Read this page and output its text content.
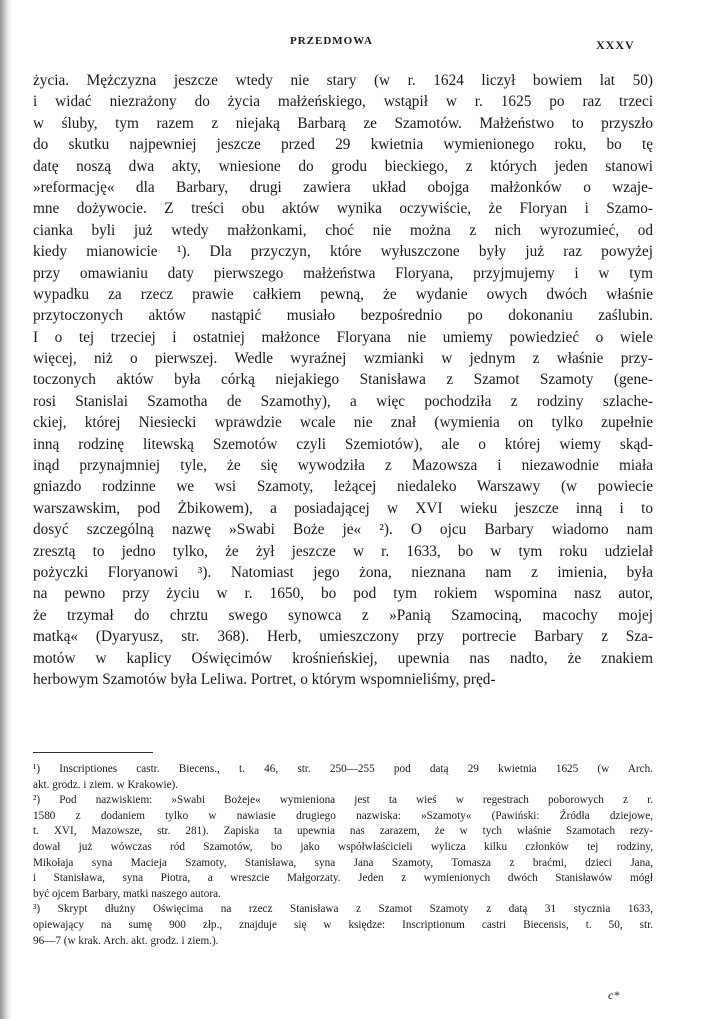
PRZEDMOWA	XXXV
życia. Mężczyzna jeszcze wtedy nie stary (w r. 1624 liczył bowiem lat 50)
i widać niezrażony do życia małżeńskiego, wstąpił w r. 1625 po raz trzeci
w śluby, tym razem z niejaką Barbarą ze Szamotów. Małżeństwo to przyszło
do skutku najpewniej jeszcze przed 29 kwietnia wymienionego roku, bo tę
datę noszą dwa akty, wniesione do grodu bieckiego, z których jeden stanowi
»reformację« dla Barbary, drugi zawiera układ obojga małżonków o wzaje-
mne dożywocie. Z treści obu aktów wynika oczywiście, że Floryan i Szamo-
cianka byli już wtedy małżonkami, choć nie można z nich wyrozumieć, od
kiedy mianowicie ¹). Dla przyczyn, które wyłuszczone były już raz powyżej
przy omawianiu daty pierwszego małżeństwa Floryana, przyjmujemy i w tym
wypadku za rzecz prawie całkiem pewną, że wydanie owych dwóch właśnie
przytoczonych aktów nastąpić musiało bezpośrednio po dokonaniu zaślubin.
I o tej trzeciej i ostatniej małżonce Floryana nie umiemy powiedzieć o wiele
więcej, niż o pierwszej. Wedle wyraźnej wzmianki w jednym z właśnie przy-
toczonych aktów była córką niejakiego Stanisława z Szamot Szamoty (gene-
rosi Stanislai Szamotha de Szamothy), a więc pochodziła z rodziny szlache-
ckiej, której Niesiecki wprawdzie wcale nie znał (wymienia on tylko zupełnie
inną rodzinę litewską Szemotów czyli Szemiotów), ale o której wiemy skąd-
inąd przynajmniej tyle, że się wywodziła z Mazowsza i niezawodnie miała
gniazdo rodzinne we wsi Szamoty, leżącej niedaleko Warszawy (w powiecie
warszawskim, pod Żbikowem), a posiadającej w XVI wieku jeszcze inną i to
dosyć szczególną nazwę »Swabi Boże je« ²). O ojcu Barbary wiadomo nam
zresztą to jedno tylko, że żył jeszcze w r. 1633, bo w tym roku udzielał
pożyczki Floryanowi ³). Natomiast jego żona, nieznana nam z imienia, była
na pewno przy życiu w r. 1650, bo pod tym rokiem wspomina nasz autor,
że trzymał do chrztu swego synowca z »Panią Szamociną, macochy mojej
matką« (Dyaryusz, str. 368). Herb, umieszczony przy portrecie Barbary z Sza-
motów w kaplicy Oświęcimów krośnieńskiej, upewnia nas nadto, że znakiem
herbowym Szamotów była Leliwa. Portret, o którym wspomnieliśmy, pręd-
¹) Inscriptiones castr. Biecens., t. 46, str. 250—255 pod datą 29 kwietnia 1625 (w Arch.
akt. grodz. i ziem. w Krakowie).
²) Pod nazwiskiem: »Swabi Bożeje« wymieniona jest ta wieś w regestrach poborowych z r.
1580 z dodaniem tylko w nawiasie drugiego nazwiska: »Szamoty« (Pawiński: Źródła dziejowe,
t. XVI, Mazowsze, str. 281). Zapiska ta upewnia nas zarazem, że w tych właśnie Szamotach rezy-
dował już wówczas ród Szamotów, bo jako współwłaścicieli wylicza kilku członków tej rodziny,
Mikołaja syna Macieja Szamoty, Stanisława, syna Jana Szamoty, Tomasza z braćmi, dzieci Jana,
i Stanisława, syna Piotra, a wreszcie Małgorzaty. Jeden z wymienionych dwóch Stanisławów mógł
być ojcem Barbary, matki naszego autora.
³) Skrypt dłużny Oświęcima na rzecz Stanisława z Szamot Szamoty z datą 31 stycznia 1633,
opiewający na sumę 900 złp., znajduje się w księdze: Inscriptionum castri Biecensis, t. 50, str.
96—7 (w krak. Arch. akt. grodz. i ziem.).
c*
